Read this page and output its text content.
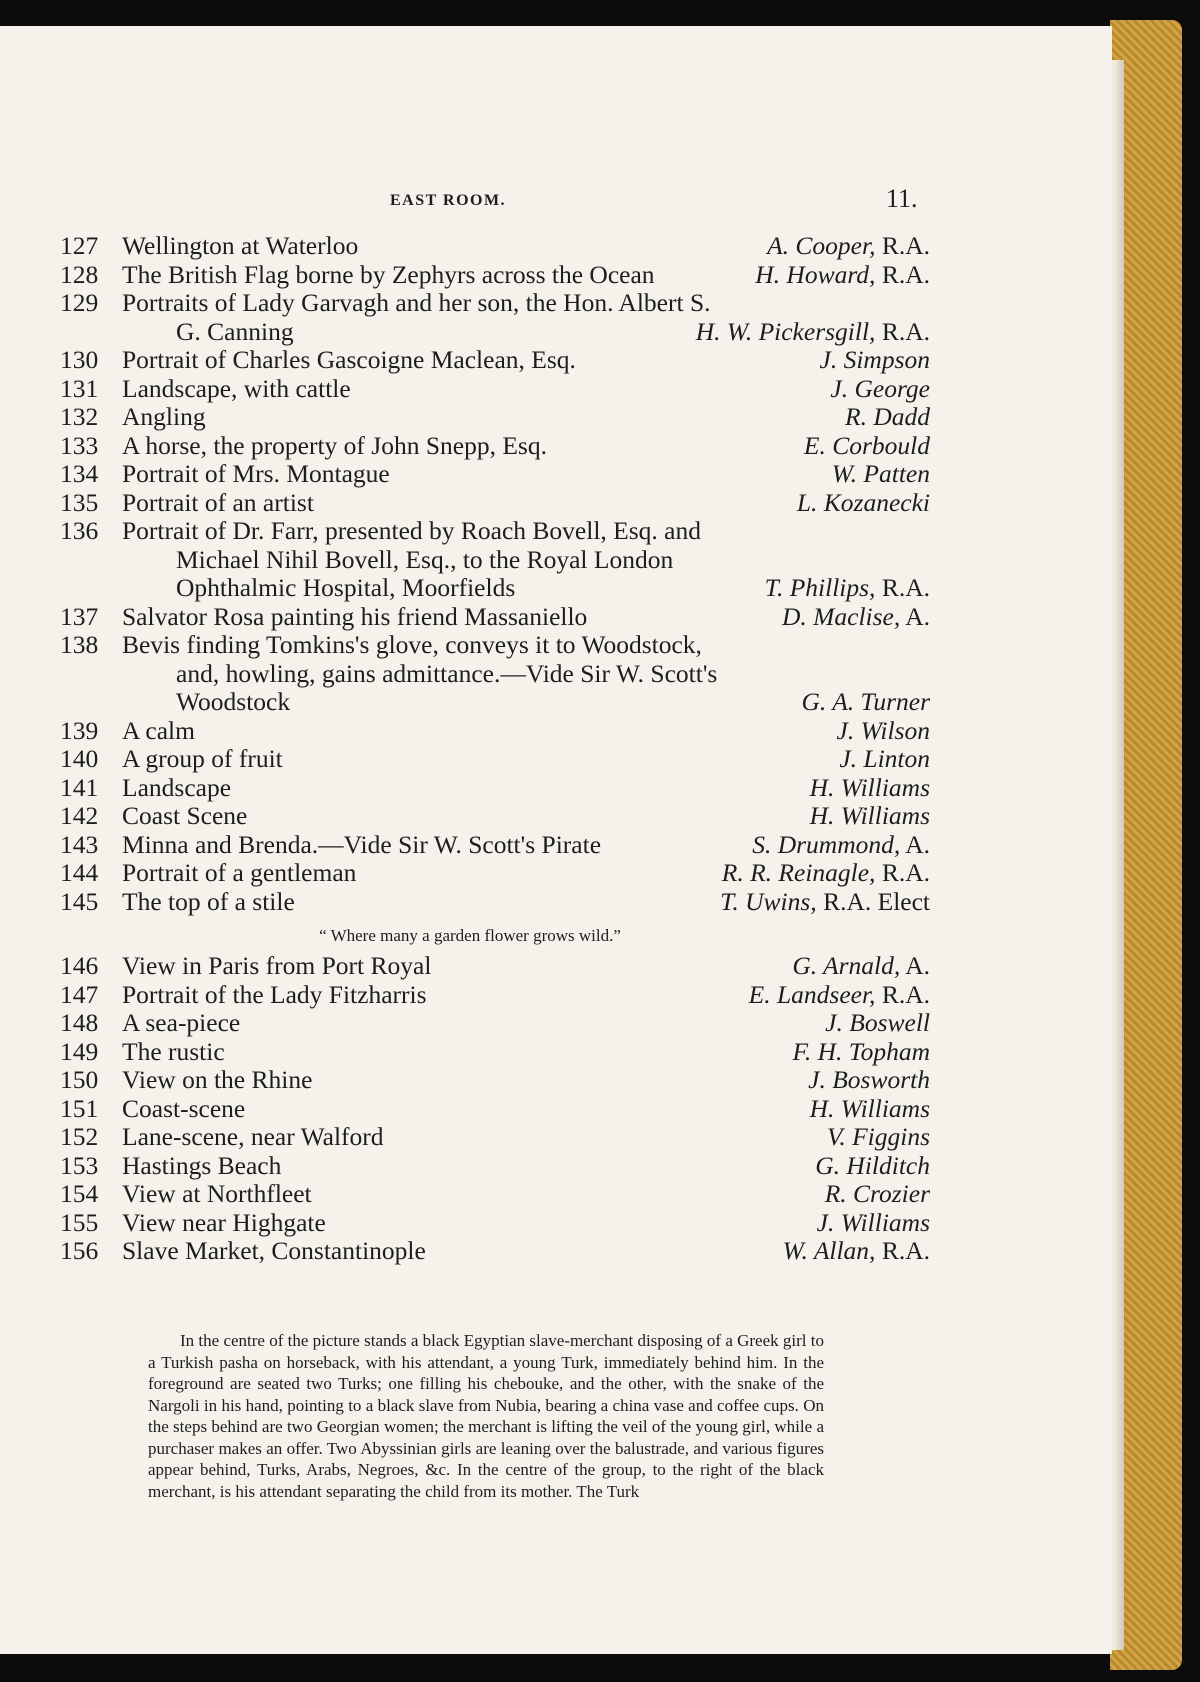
EAST ROOM.	11.
127 Wellington at Waterloo	A. Cooper, R.A.
128 The British Flag borne by Zephyrs across the Ocean	H. Howard, R.A.
129 Portraits of Lady Garvagh and her son, the Hon. Albert S.
G. Canning	H. W. Pickersgill, R.A.
130 Portrait of Charles Gascoigne Maclean, Esq.	J. Simpson
131 Landscape, with cattle	J. George
132 Angling	R. Dadd
133 A horse, the property of John Snepp, Esq.	E. Corbould
134 Portrait of Mrs. Montague	W. Patten
135 Portrait of an artist	L. Kozanecki
136 Portrait of Dr. Farr, presented by Roach Bovell, Esq. and
Michael Nihil Bovell, Esq., to the Royal London
Ophthalmic Hospital, Moorfields	T. Phillips, R.A.
137 Salvator Rosa painting his friend Massaniello	D. Maclise, A.
138 Bevis finding Tomkins's glove, conveys it to Woodstock,
and, howling, gains admittance.—Vide Sir W. Scott's
Woodstock	G. A. Turner
139 A calm	J. Wilson
140 A group of fruit	J. Linton
141 Landscape	H. Williams
142 Coast Scene	H. Williams
143 Minna and Brenda.—Vide Sir W. Scott's Pirate	S. Drummond, A.
144 Portrait of a gentleman	R. R. Reinagle, R.A.
145 The top of a stile	T. Uwins, R.A. Elect
“ Where many a garden flower grows wild.”
146 View in Paris from Port Royal	G. Arnald, A.
147 Portrait of the Lady Fitzharris	E. Landseer, R.A.
148 A sea-piece	J. Boswell
149 The rustic	F. H. Topham
150 View on the Rhine	J. Bosworth
151 Coast-scene	H. Williams
152 Lane-scene, near Walford	V. Figgins
153 Hastings Beach	G. Hilditch
154 View at Northfleet	R. Crozier
155 View near Highgate	J. Williams
156 Slave Market, Constantinople	W. Allan, R.A.
In the centre of the picture stands a black Egyptian slave-merchant disposing of a Greek girl to a Turkish pasha on horseback, with his attendant, a young Turk, immediately behind him. In the foreground are seated two Turks; one filling his chebouke, and the other, with the snake of the Nargoli in his hand, pointing to a black slave from Nubia, bearing a china vase and coffee cups. On the steps behind are two Georgian women; the merchant is lifting the veil of the young girl, while a purchaser makes an offer. Two Abyssinian girls are leaning over the balustrade, and various figures appear behind, Turks, Arabs, Negroes, &c. In the centre of the group, to the right of the black merchant, is his attendant separating the child from its mother. The Turk
